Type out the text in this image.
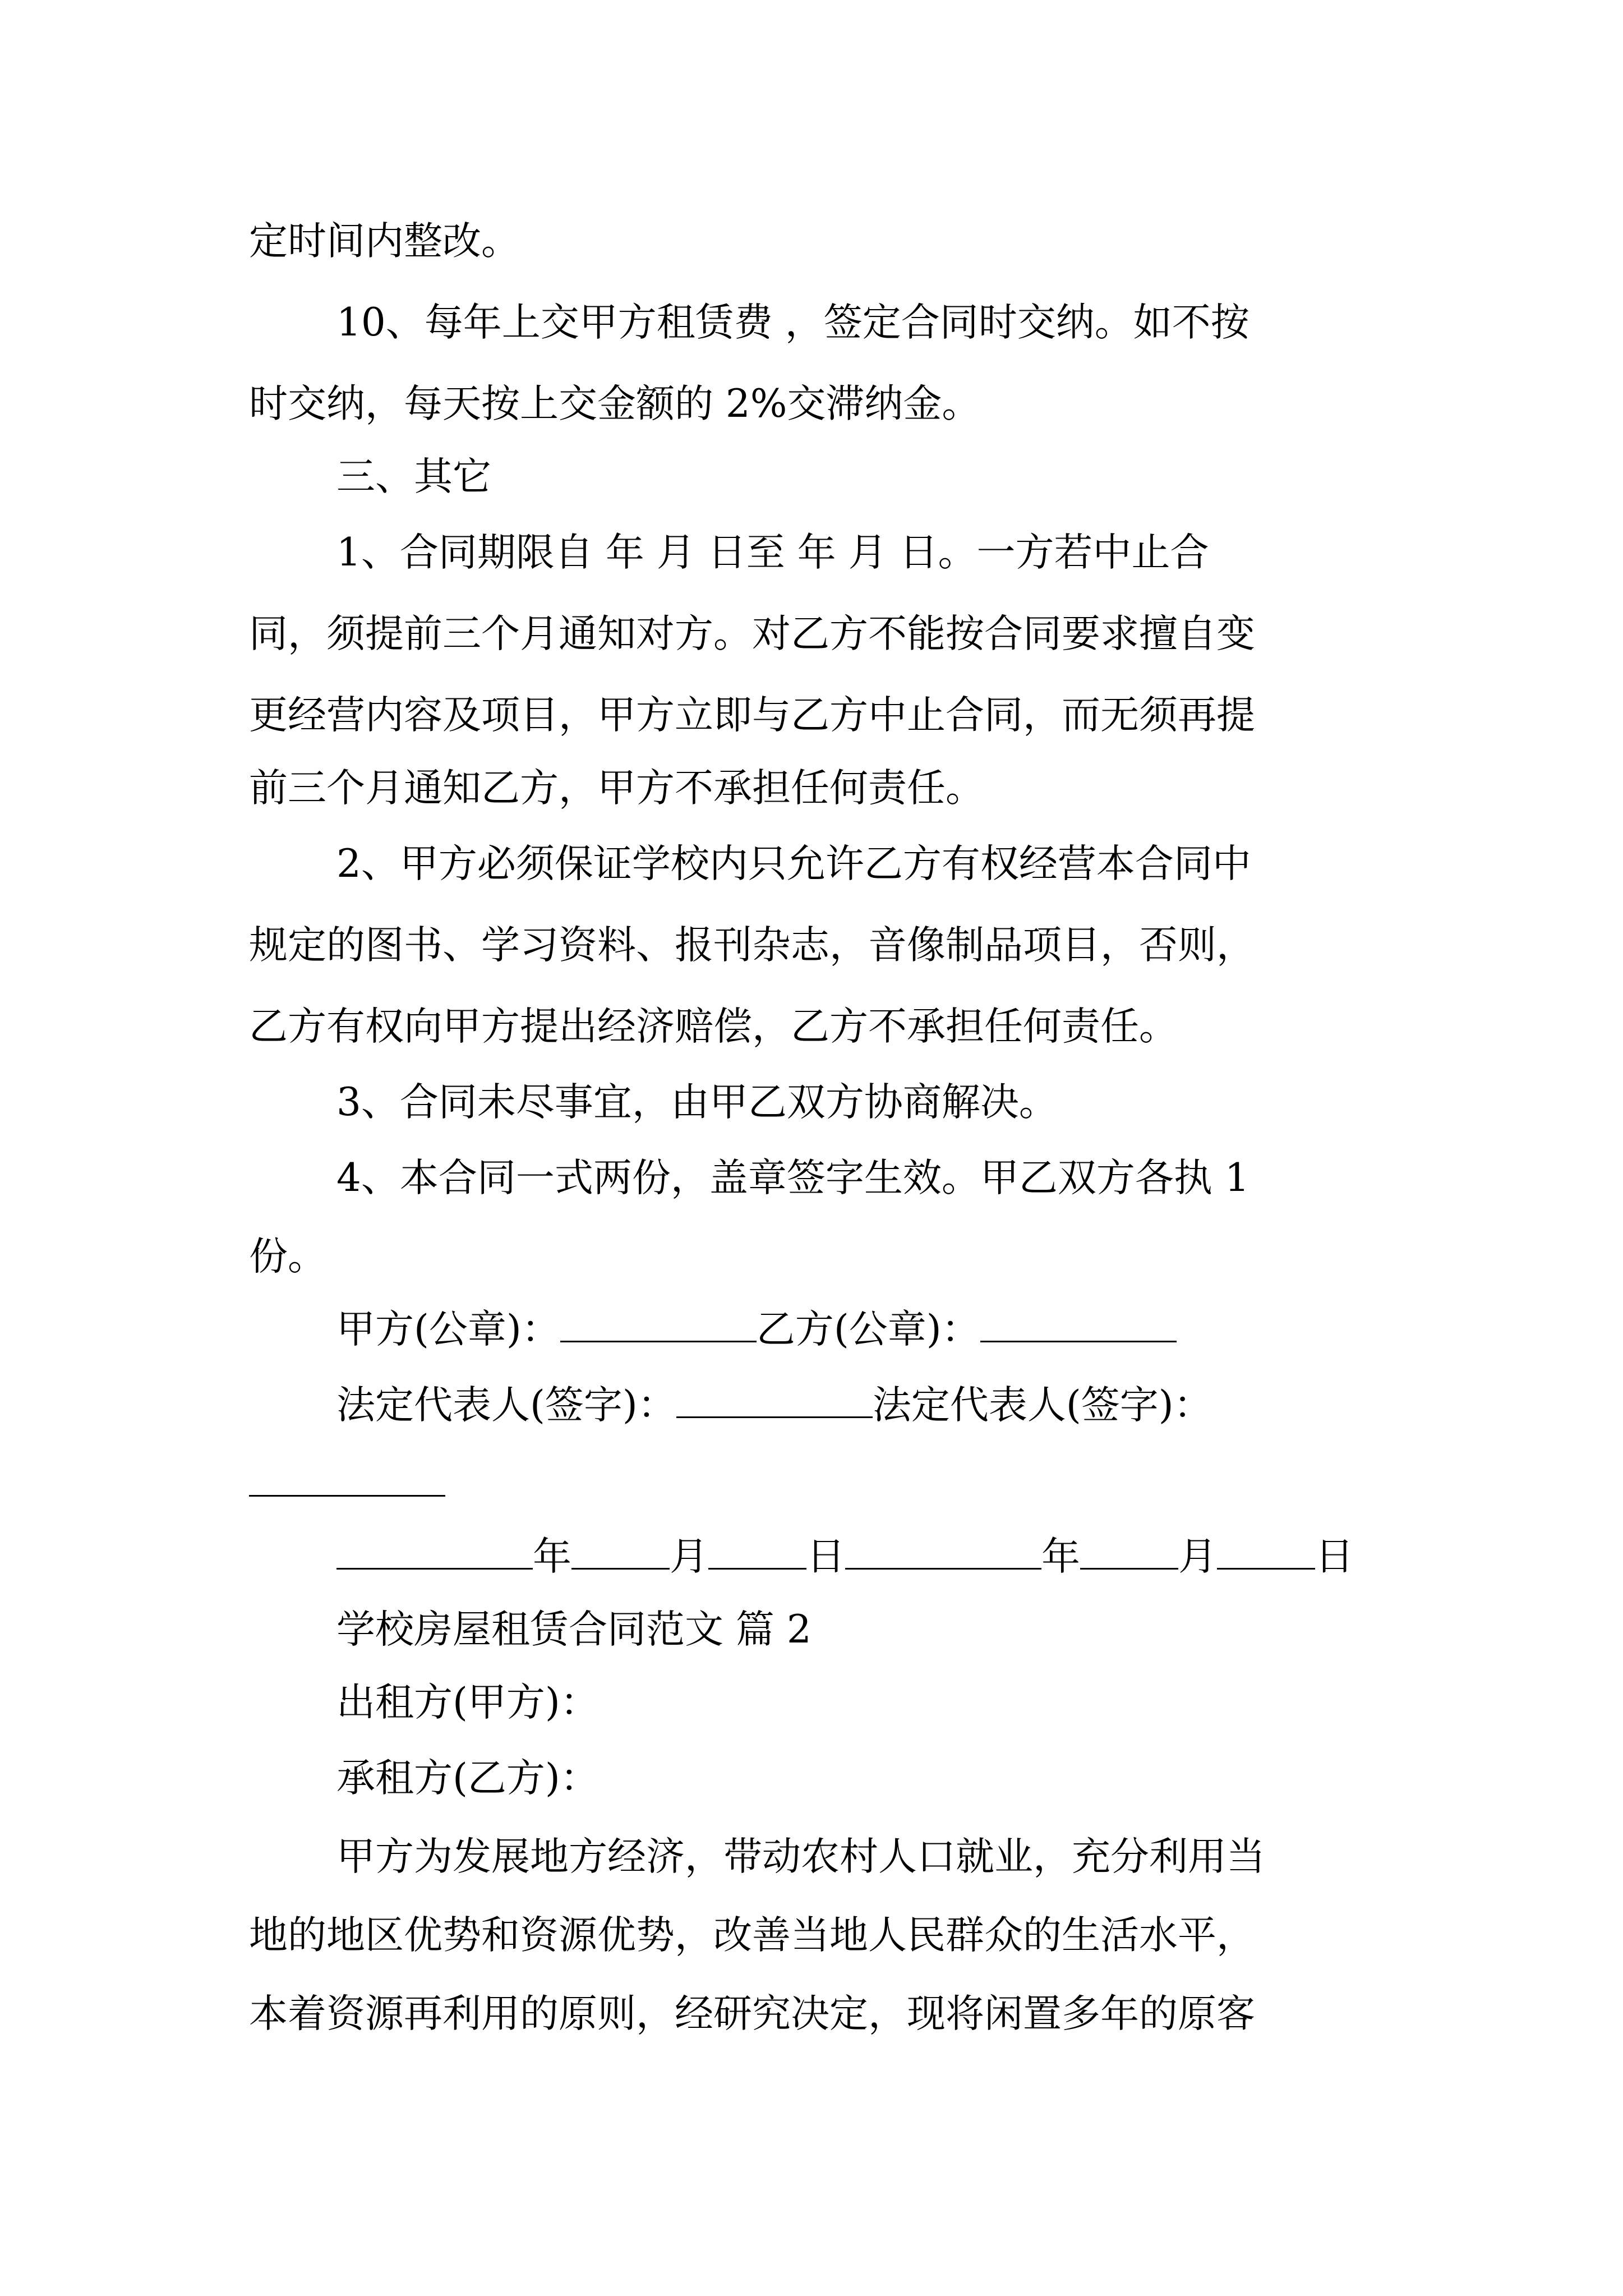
定时间内整改。
10、每年上交甲方租赁费 ，签定合同时交纳。如不按
时交纳，每天按上交金额的 2%交滞纳金。
三、其它
1、合同期限自 年 月 日至 年 月 日。一方若中止合
同，须提前三个月通知对方。对乙方不能按合同要求擅自变
更经营内容及项目，甲方立即与乙方中止合同，而无须再提
前三个月通知乙方，甲方不承担任何责任。
2、甲方必须保证学校内只允许乙方有权经营本合同中
规定的图书、学习资料、报刊杂志，音像制品项目，否则，
乙方有权向甲方提出经济赔偿，乙方不承担任何责任。
3、合同未尽事宜，由甲乙双方协商解决。
4、本合同一式两份，盖章签字生效。甲乙双方各执 1
份。
甲方(公章)：	乙方(公章)：
法定代表人(签字)：	法定代表人(签字)：
年	月	日	年	月	日
学校房屋租赁合同范文 篇 2
出租方(甲方)：
承租方(乙方)：
甲方为发展地方经济，带动农村人口就业，充分利用当
地的地区优势和资源优势，改善当地人民群众的生活水平，
本着资源再利用的原则，经研究决定，现将闲置多年的原客
